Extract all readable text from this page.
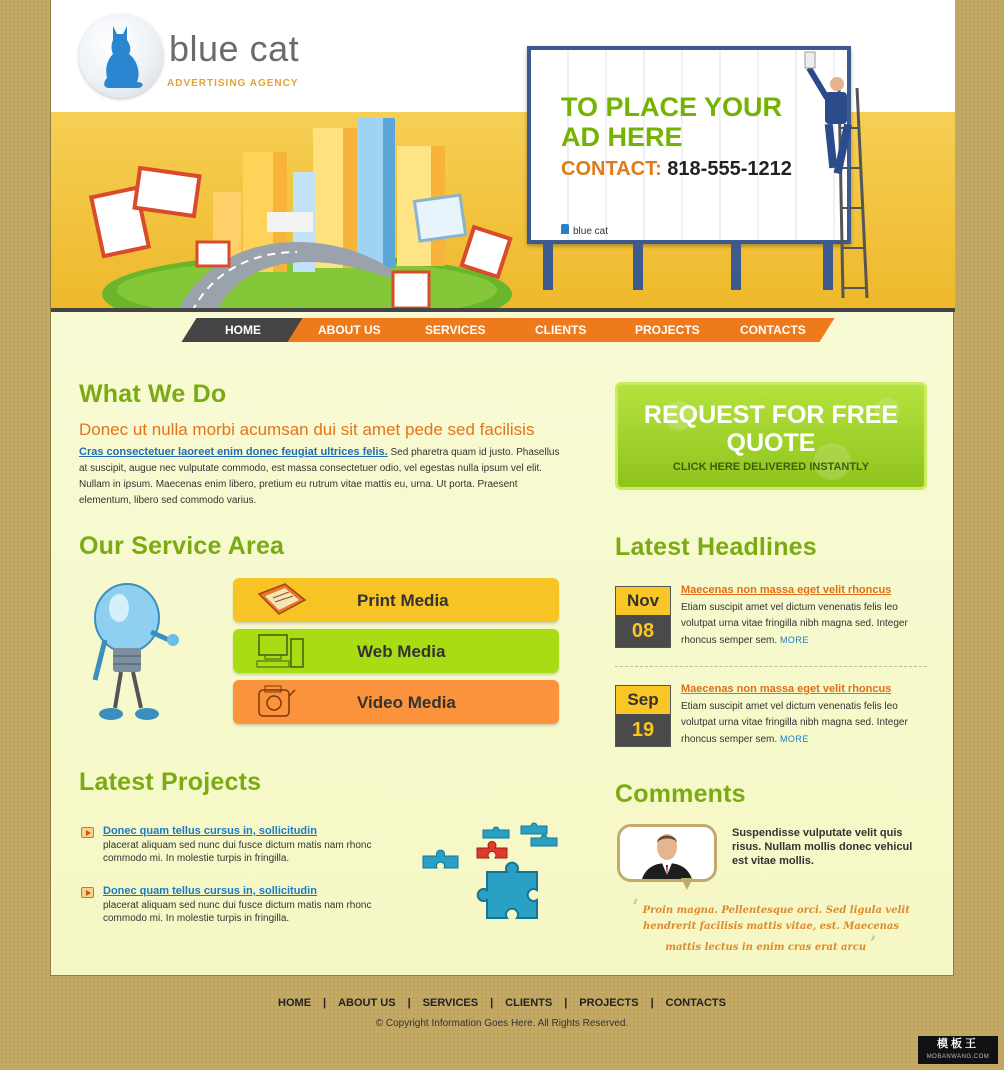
blue cat
ADVERTISING AGENCY
TO PLACE YOUR AD HERE
CONTACT: 818-555-1212
blue cat
HOME	ABOUT US	SERVICES	CLIENTS	PROJECTS	CONTACTS
What We Do
Donec ut nulla morbi acumsan dui sit amet pede sed facilisis
Cras consectetuer laoreet enim donec feugiat ultrices felis. Sed pharetra quam id justo. Phasellus at suscipit, augue nec vulputate commodo, est massa consectetuer odio, vel egestas nulla ipsum vel elit. Nullam in ipsum. Maecenas enim libero, pretium eu rutrum vitae mattis eu, urna. Ut porta. Praesent elementum, libero sed commodo varius.
REQUEST FOR FREE QUOTE
CLICK HERE DELIVERED INSTANTLY
Our Service Area
Print Media
Web Media
Video Media
Latest Projects
Donec quam tellus cursus in, sollicitudin
placerat aliquam sed nunc dui fusce dictum matis nam rhonc commodo mi. In molestie turpis in fringilla.
Donec quam tellus cursus in, sollicitudin
placerat aliquam sed nunc dui fusce dictum matis nam rhonc commodo mi. In molestie turpis in fringilla.
Latest Headlines
Nov
08
Maecenas non massa eget velit rhoncus
Etiam suscipit amet vel dictum venenatis felis leo volutpat urna vitae fringilla nibh magna sed. Integer rhoncus semper sem. MORE
Sep
19
Maecenas non massa eget velit rhoncus
Etiam suscipit amet vel dictum venenatis felis leo volutpat urna vitae fringilla nibh magna sed. Integer rhoncus semper sem. MORE
Comments
Suspendisse vulputate velit quis risus. Nullam mollis donec vehicul est vitae mollis.
‘ Proin magna. Pellentesque orci. Sed ligula velit hendrerit facilisis mattis vitae, est. Maecenas mattis lectus in enim cras erat arcu ’
HOME | ABOUT US | SERVICES | CLIENTS | PROJECTS | CONTACTS
© Copyright Information Goes Here. All Rights Reserved.
模板王
MOBANWANG.COM
